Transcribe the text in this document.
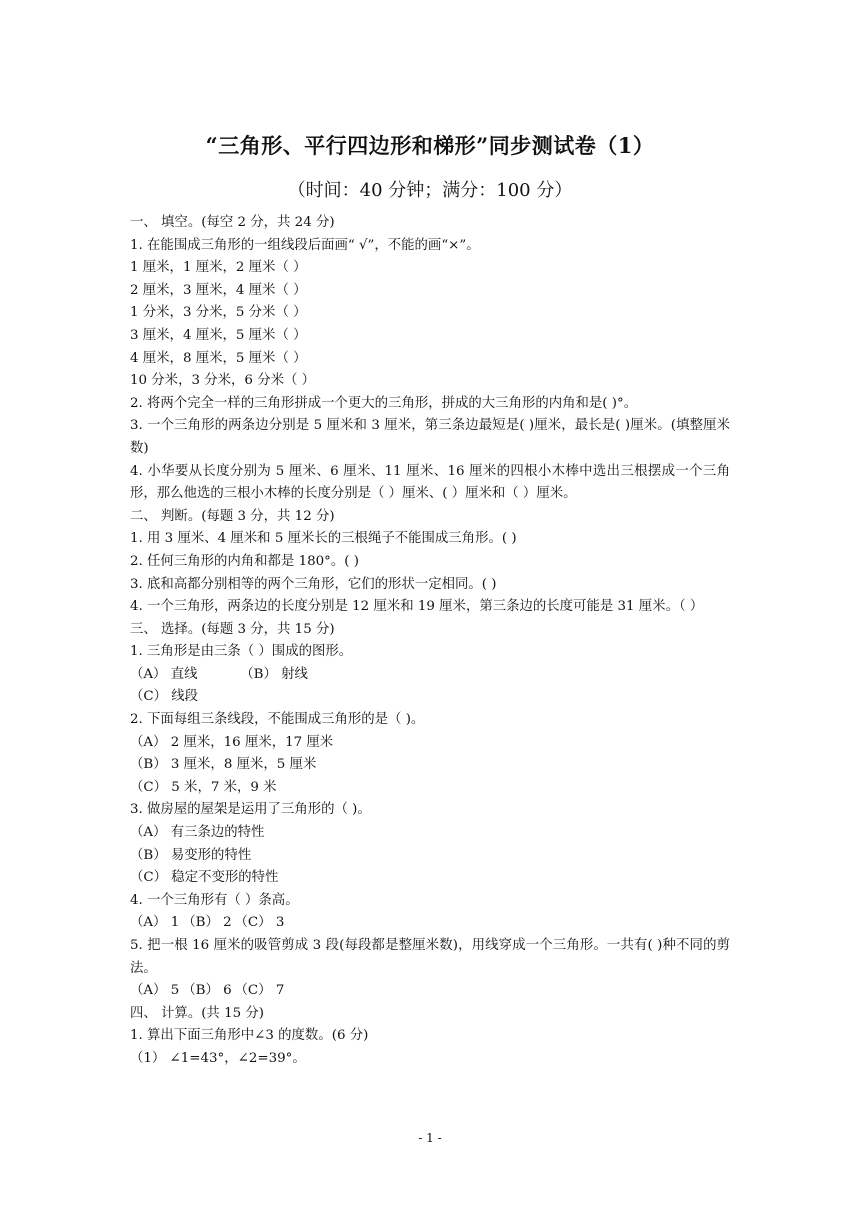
“三角形、平行四边形和梯形”同步测试卷（1）
（时间：40 分钟；满分：100 分）
一、 填空。(每空 2 分，共 24 分)
1. 在能围成三角形的一组线段后面画“ √”，不能的画“×”。
1 厘米，1 厘米，2 厘米（ ）
2 厘米，3 厘米，4 厘米（ ）
1 分米，3 分米，5 分米（ ）
3 厘米，4 厘米，5 厘米（ ）
4 厘米，8 厘米，5 厘米（ ）
10 分米，3 分米，6 分米（ ）
2. 将两个完全一样的三角形拼成一个更大的三角形，拼成的大三角形的内角和是( )°。
3. 一个三角形的两条边分别是 5 厘米和 3 厘米，第三条边最短是( )厘米，最长是( )厘米。(填整厘米数)
4. 小华要从长度分别为 5 厘米、6 厘米、11 厘米、16 厘米的四根小木棒中选出三根摆成一个三角形，那么他选的三根小木棒的长度分别是（ ）厘米、( ）厘米和（ ）厘米。
二、 判断。(每题 3 分，共 12 分)
1. 用 3 厘米、4 厘米和 5 厘米长的三根绳子不能围成三角形。( )
2. 任何三角形的内角和都是 180°。( )
3. 底和高都分别相等的两个三角形，它们的形状一定相同。( )
4. 一个三角形，两条边的长度分别是 12 厘米和 19 厘米，第三条边的长度可能是 31 厘米。（ ）
三、 选择。(每题 3 分，共 15 分)
1. 三角形是由三条（ ）围成的图形。
（A） 直线	（B） 射线
（C） 线段
2. 下面每组三条线段，不能围成三角形的是（ )。
（A） 2 厘米，16 厘米，17 厘米
（B） 3 厘米，8 厘米，5 厘米
（C） 5 米，7 米，9 米
3. 做房屋的屋架是运用了三角形的（ )。
（A） 有三条边的特性
（B） 易变形的特性
（C） 稳定不变形的特性
4. 一个三角形有（ ）条高。
（A） 1 （B） 2 （C） 3
5. 把一根 16 厘米的吸管剪成 3 段(每段都是整厘米数)，用线穿成一个三角形。一共有( )种不同的剪法。
（A） 5 （B） 6 （C） 7
四、 计算。(共 15 分)
1. 算出下面三角形中∠3 的度数。(6 分)
（1） ∠1=43°，∠2=39°。
- 1 -
